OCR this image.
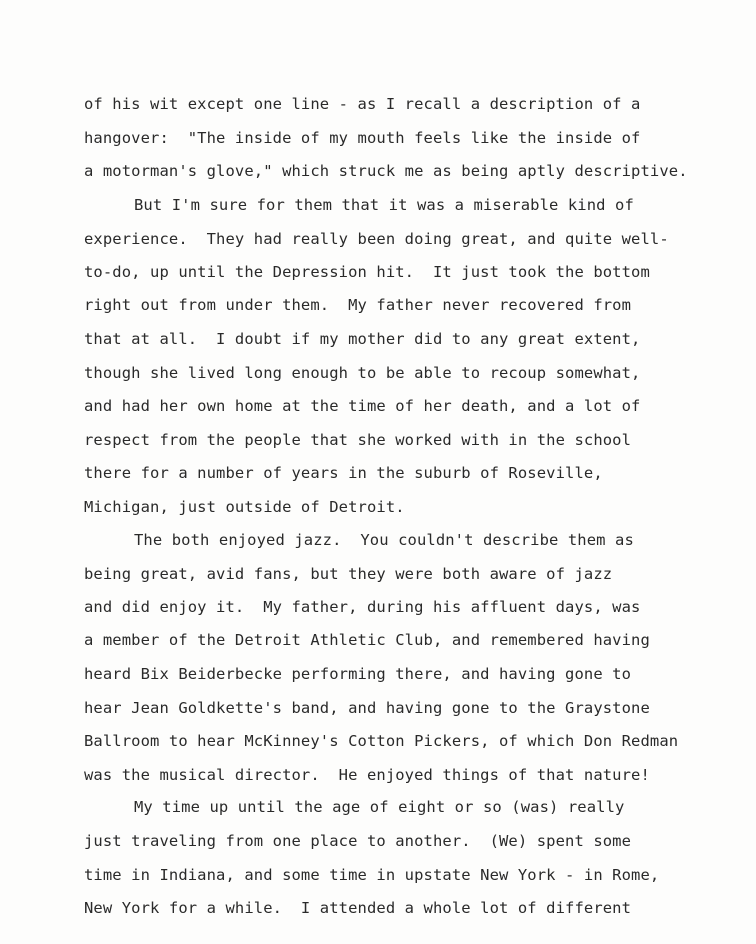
of his wit except one line - as I recall a description of a
hangover:  "The inside of my mouth feels like the inside of
a motorman's glove," which struck me as being aptly descriptive.
But I'm sure for them that it was a miserable kind of
experience.  They had really been doing great, and quite well-
to-do, up until the Depression hit.  It just took the bottom
right out from under them.  My father never recovered from
that at all.  I doubt if my mother did to any great extent,
though she lived long enough to be able to recoup somewhat,
and had her own home at the time of her death, and a lot of
respect from the people that she worked with in the school
there for a number of years in the suburb of Roseville,
Michigan, just outside of Detroit.
The both enjoyed jazz.  You couldn't describe them as
being great, avid fans, but they were both aware of jazz
and did enjoy it.  My father, during his affluent days, was
a member of the Detroit Athletic Club, and remembered having
heard Bix Beiderbecke performing there, and having gone to
hear Jean Goldkette's band, and having gone to the Graystone
Ballroom to hear McKinney's Cotton Pickers, of which Don Redman
was the musical director.  He enjoyed things of that nature!
My time up until the age of eight or so (was) really
just traveling from one place to another.  (We) spent some
time in Indiana, and some time in upstate New York - in Rome,
New York for a while.  I attended a whole lot of different
